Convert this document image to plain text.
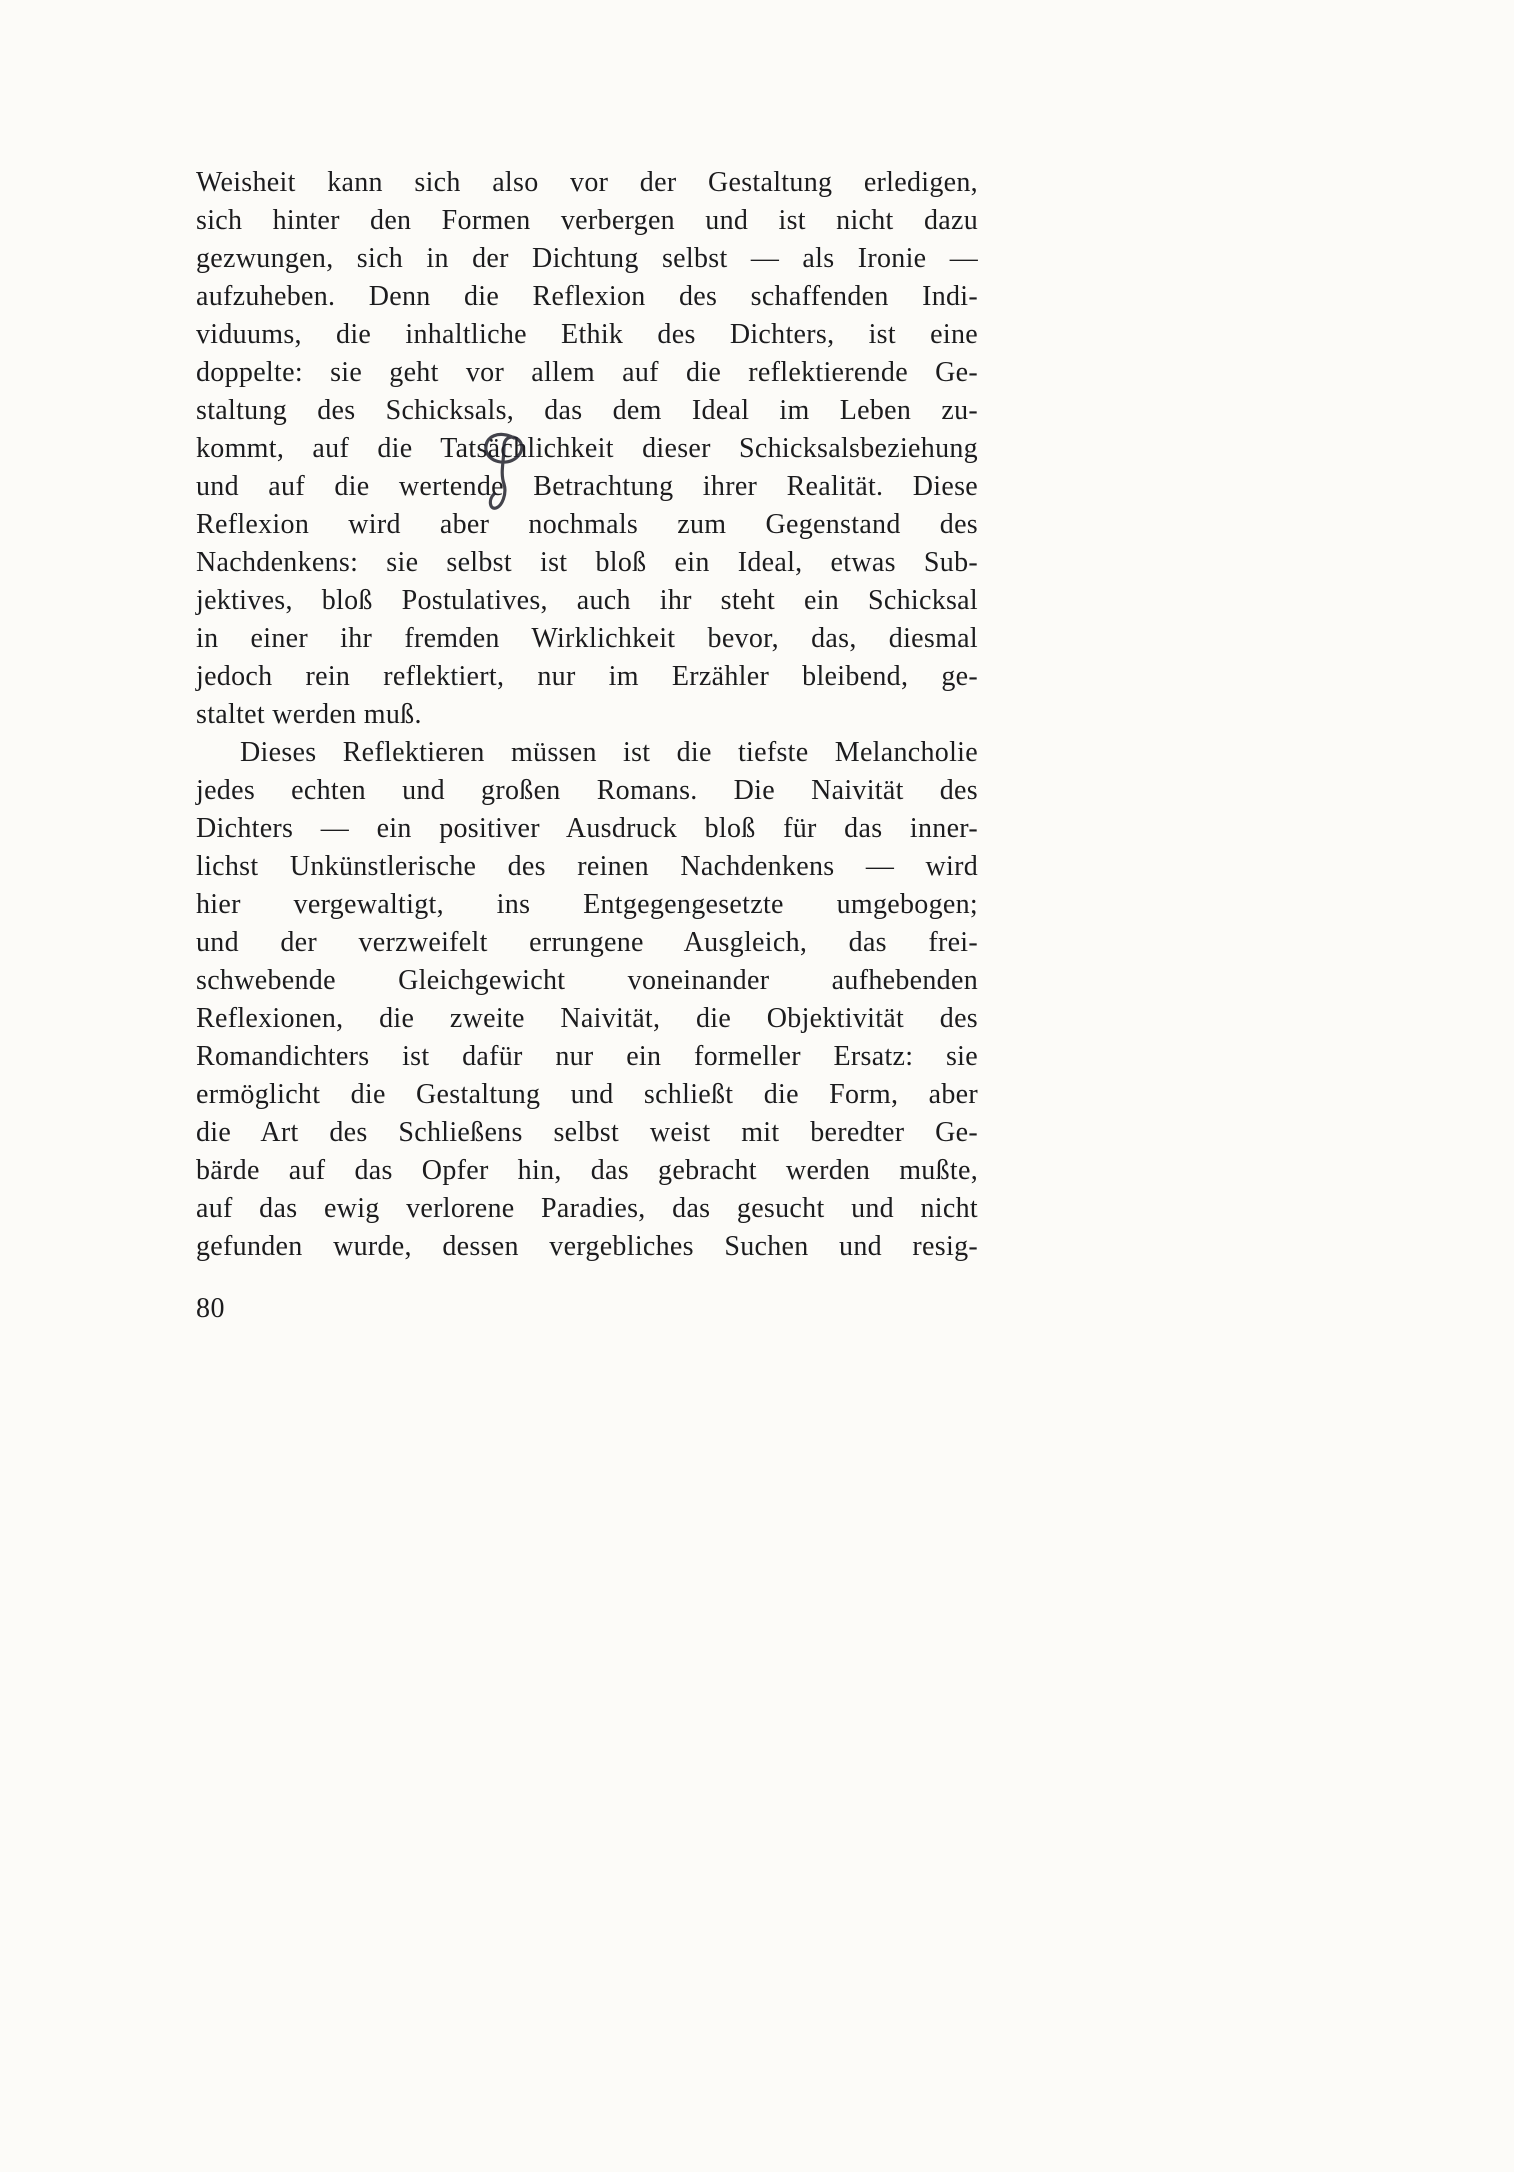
Weisheit kann sich also vor der Gestaltung erledigen,
sich hinter den Formen verbergen und ist nicht dazu
gezwungen, sich in der Dichtung selbst — als Ironie —
aufzuheben. Denn die Reflexion des schaffenden Indi-
viduums, die inhaltliche Ethik des Dichters, ist eine
doppelte: sie geht vor allem auf die reflektierende Ge-
staltung des Schicksals, das dem Ideal im Leben zu-
kommt, auf die Tatsächlichkeit dieser Schicksalsbeziehung
und auf die wertende Betrachtung ihrer Realität. Diese
Reflexion wird aber nochmals zum Gegenstand des
Nachdenkens: sie selbst ist bloß ein Ideal, etwas Sub-
jektives, bloß Postulatives, auch ihr steht ein Schicksal
in einer ihr fremden Wirklichkeit bevor, das, diesmal
jedoch rein reflektiert, nur im Erzähler bleibend, ge-
staltet werden muß.
Dieses Reflektieren müssen ist die tiefste Melancholie
jedes echten und großen Romans. Die Naivität des
Dichters — ein positiver Ausdruck bloß für das inner-
lichst Unkünstlerische des reinen Nachdenkens — wird
hier vergewaltigt, ins Entgegengesetzte umgebogen;
und der verzweifelt errungene Ausgleich, das frei-
schwebende Gleichgewicht voneinander aufhebenden
Reflexionen, die zweite Naivität, die Objektivität des
Romandichters ist dafür nur ein formeller Ersatz: sie
ermöglicht die Gestaltung und schließt die Form, aber
die Art des Schließens selbst weist mit beredter Ge-
bärde auf das Opfer hin, das gebracht werden mußte,
auf das ewig verlorene Paradies, das gesucht und nicht
gefunden wurde, dessen vergebliches Suchen und resig-
80
